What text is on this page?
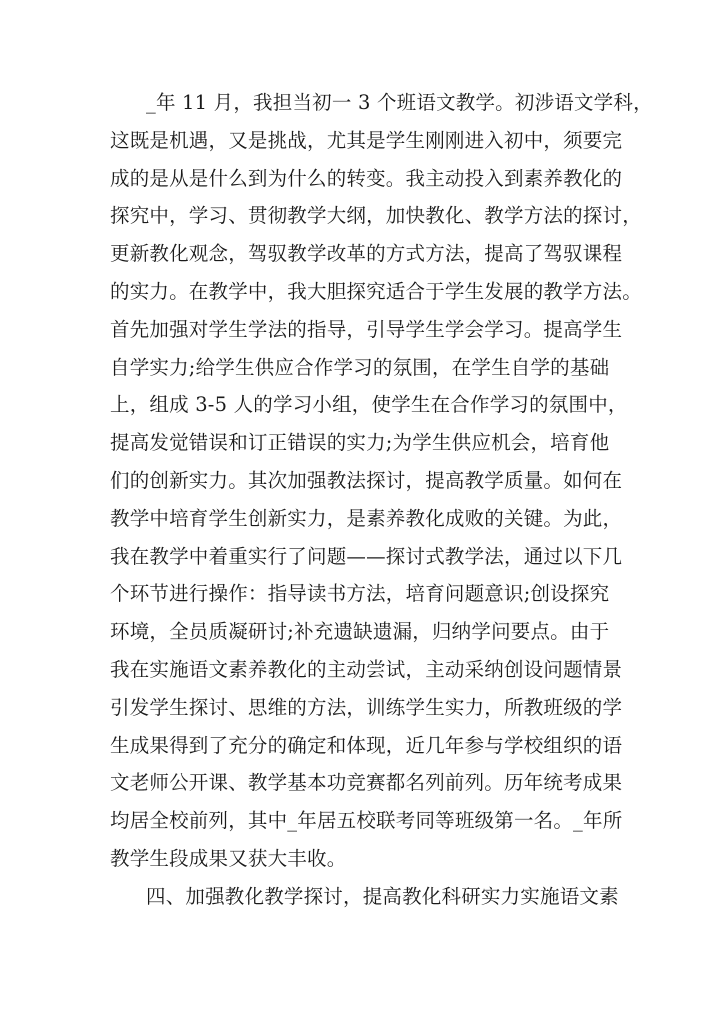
_年 11 月，我担当初一 3 个班语文教学。初涉语文学科，
这既是机遇，又是挑战，尤其是学生刚刚进入初中，须要完
成的是从是什么到为什么的转变。我主动投入到素养教化的
探究中，学习、贯彻教学大纲，加快教化、教学方法的探讨，
更新教化观念，驾驭教学改革的方式方法，提高了驾驭课程
的实力。在教学中，我大胆探究适合于学生发展的教学方法。
首先加强对学生学法的指导，引导学生学会学习。提高学生
自学实力;给学生供应合作学习的氛围，在学生自学的基础
上，组成 3-5 人的学习小组，使学生在合作学习的氛围中，
提高发觉错误和订正错误的实力;为学生供应机会，培育他
们的创新实力。其次加强教法探讨，提高教学质量。如何在
教学中培育学生创新实力，是素养教化成败的关键。为此，
我在教学中着重实行了问题——探讨式教学法，通过以下几
个环节进行操作：指导读书方法，培育问题意识;创设探究
环境，全员质凝研讨;补充遗缺遗漏，归纳学问要点。由于
我在实施语文素养教化的主动尝试，主动采纳创设问题情景
引发学生探讨、思维的方法，训练学生实力，所教班级的学
生成果得到了充分的确定和体现，近几年参与学校组织的语
文老师公开课、教学基本功竞赛都名列前列。历年统考成果
均居全校前列，其中_年居五校联考同等班级第一名。_年所
教学生段成果又获大丰收。
四、加强教化教学探讨，提高教化科研实力实施语文素
